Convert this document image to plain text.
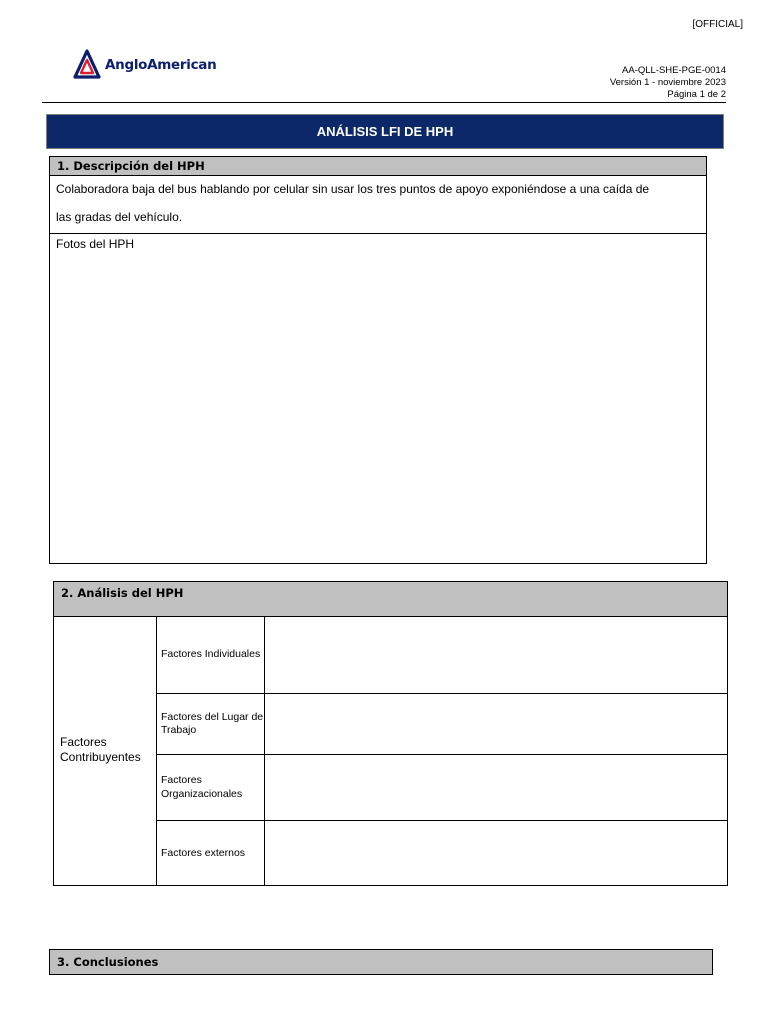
[OFFICIAL]
AngloAmerican	AA-QLL-SHE-PGE-0014
Versión 1 - noviembre 2023
Página 1 de 2
ANÁLISIS LFI DE HPH
1. Descripción del HPH

Colaboradora baja del bus hablando por celular sin usar los tres puntos de apoyo exponiéndose a una caída de

las gradas del vehículo.

Fotos del HPH
2. Análisis del HPH
Factores Contribuyentes
Factores Individuales
Factores del Lugar de Trabajo
Factores Organizacionales
Factores externos
3. Conclusiones
